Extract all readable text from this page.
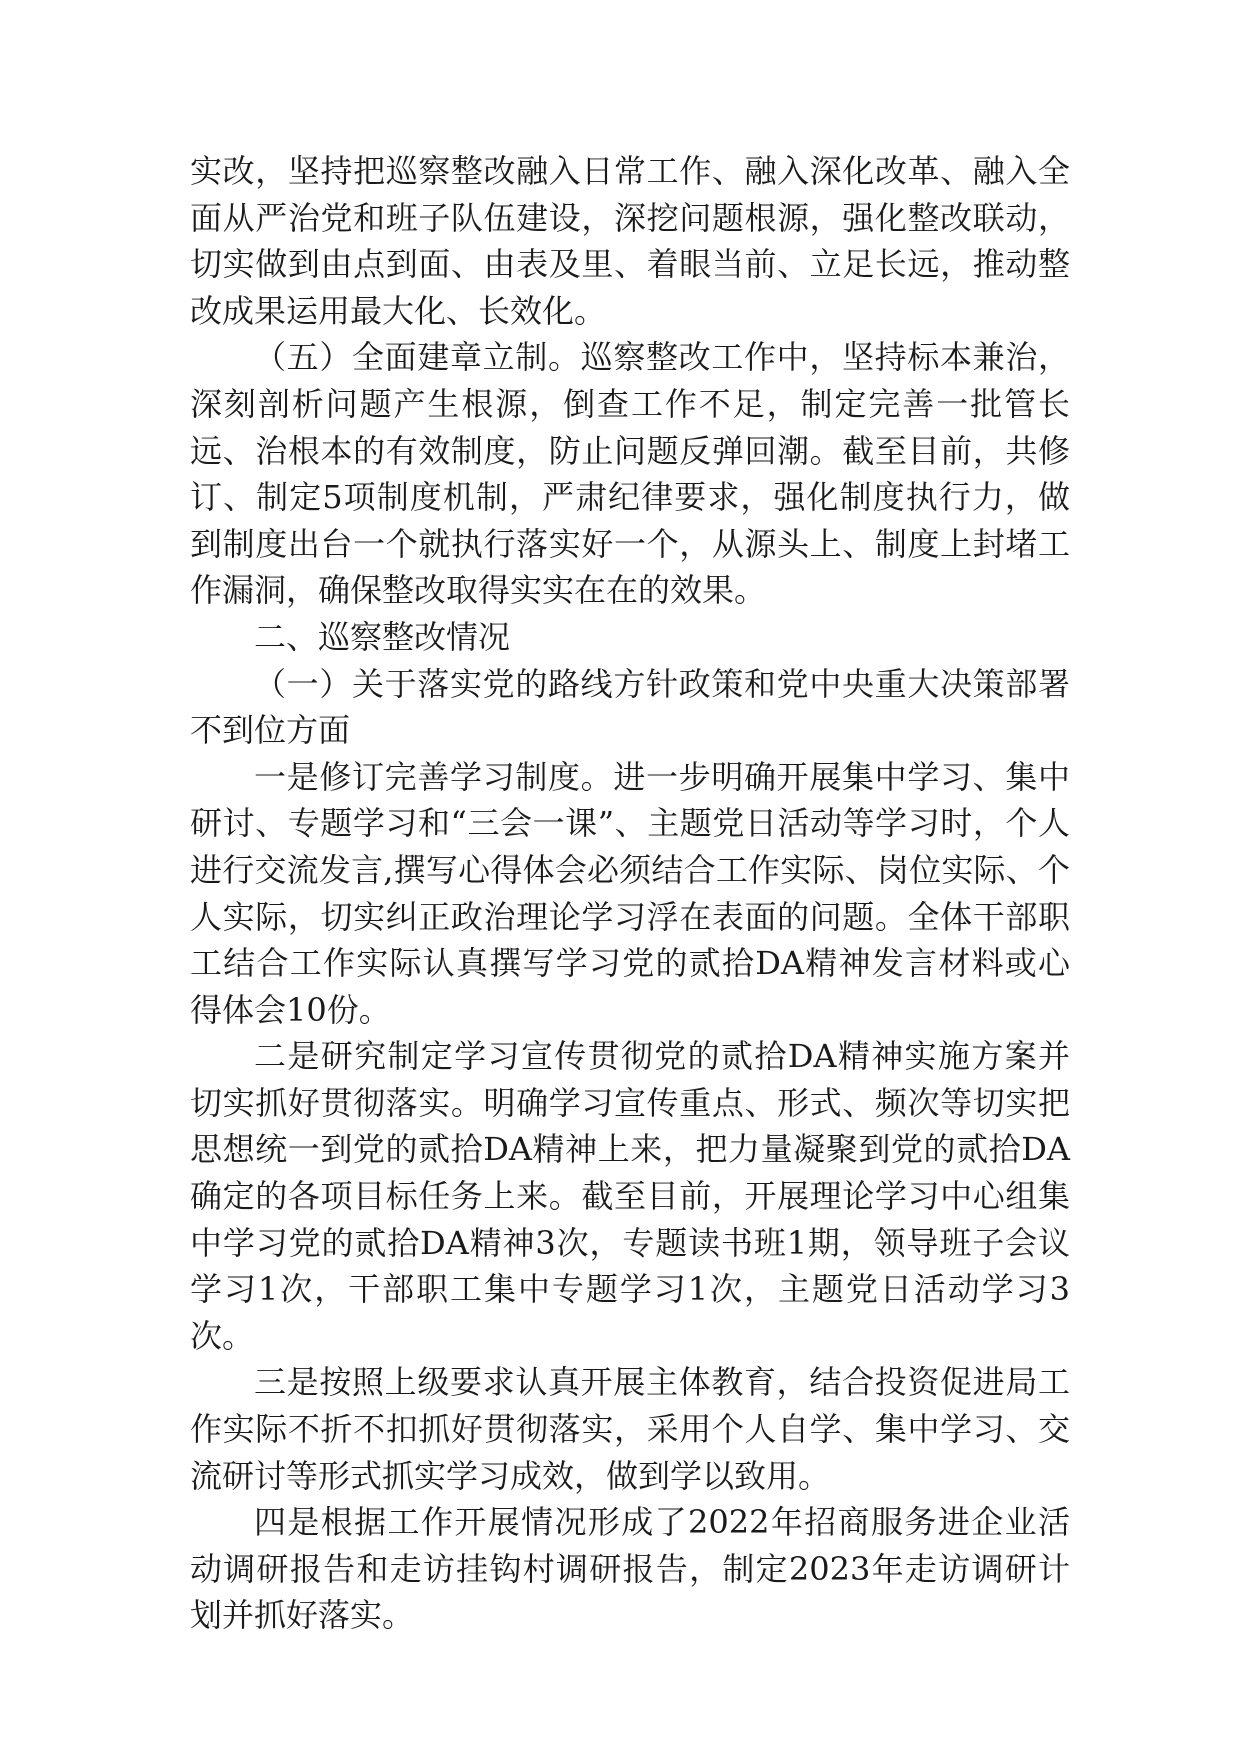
实改，坚持把巡察整改融入日常工作、融入深化改革、融入全面从严治党和班子队伍建设，深挖问题根源，强化整改联动，切实做到由点到面、由表及里、着眼当前、立足长远，推动整改成果运用最大化、长效化。

（五）全面建章立制。巡察整改工作中，坚持标本兼治，深刻剖析问题产生根源，倒查工作不足，制定完善一批管长远、治根本的有效制度，防止问题反弹回潮。截至目前，共修订、制定5项制度机制，严肃纪律要求，强化制度执行力，做到制度出台一个就执行落实好一个，从源头上、制度上封堵工作漏洞，确保整改取得实实在在的效果。

二、巡察整改情况

（一）关于落实党的路线方针政策和党中央重大决策部署不到位方面

一是修订完善学习制度。进一步明确开展集中学习、集中研讨、专题学习和“三会一课”、主题党日活动等学习时，个人进行交流发言,撰写心得体会必须结合工作实际、岗位实际、个人实际，切实纠正政治理论学习浮在表面的问题。全体干部职工结合工作实际认真撰写学习党的贰拾DA精神发言材料或心得体会10份。

二是研究制定学习宣传贯彻党的贰拾DA精神实施方案并切实抓好贯彻落实。明确学习宣传重点、形式、频次等切实把思想统一到党的贰拾DA精神上来，把力量凝聚到党的贰拾DA确定的各项目标任务上来。截至目前，开展理论学习中心组集中学习党的贰拾DA精神3次，专题读书班1期，领导班子会议学习1次，干部职工集中专题学习1次，主题党日活动学习3次。

三是按照上级要求认真开展主体教育，结合投资促进局工作实际不折不扣抓好贯彻落实，采用个人自学、集中学习、交流研讨等形式抓实学习成效，做到学以致用。

四是根据工作开展情况形成了2022年招商服务进企业活动调研报告和走访挂钩村调研报告，制定2023年走访调研计划并抓好落实。
